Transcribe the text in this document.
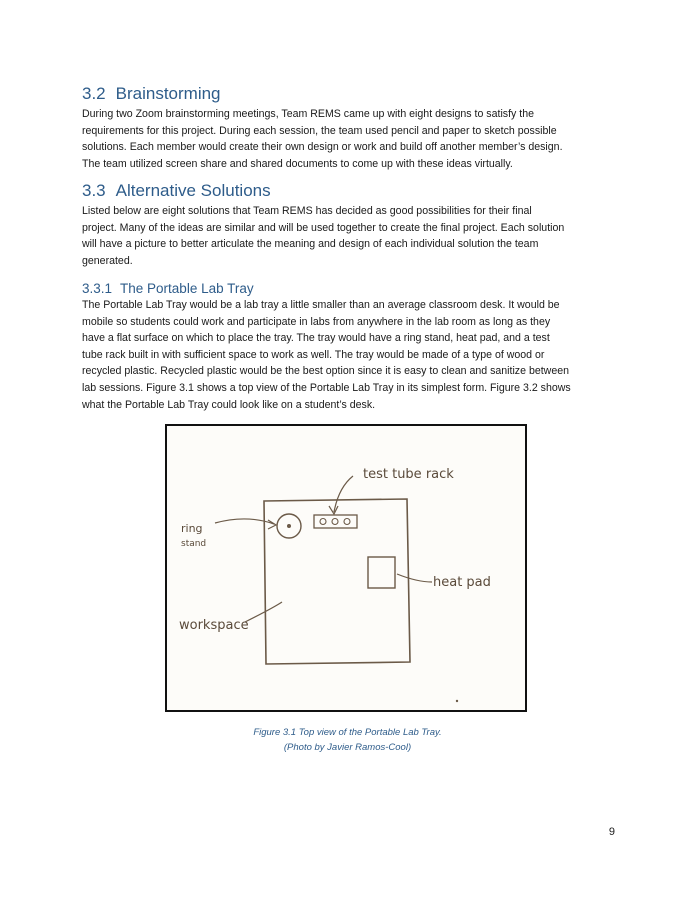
3.2 Brainstorming
During two Zoom brainstorming meetings, Team REMS came up with eight designs to satisfy the
requirements for this project. During each session, the team used pencil and paper to sketch possible
solutions. Each member would create their own design or work and build off another member’s design.
The team utilized screen share and shared documents to come up with these ideas virtually.
3.3 Alternative Solutions
Listed below are eight solutions that Team REMS has decided as good possibilities for their final
project. Many of the ideas are similar and will be used together to create the final project. Each solution
will have a picture to better articulate the meaning and design of each individual solution the team
generated.
3.3.1 The Portable Lab Tray
The Portable Lab Tray would be a lab tray a little smaller than an average classroom desk. It would be
mobile so students could work and participate in labs from anywhere in the lab room as long as they
have a flat surface on which to place the tray. The tray would have a ring stand, heat pad, and a test
tube rack built in with sufficient space to work as well. The tray would be made of a type of wood or
recycled plastic. Recycled plastic would be the best option since it is easy to clean and sanitize between
lab sessions. Figure 3.1 shows a top view of the Portable Lab Tray in its simplest form. Figure 3.2 shows
what the Portable Lab Tray could look like on a student’s desk.
test tube rack
ring
stand
heat pad
workspace
Figure 3.1 Top view of the Portable Lab Tray.
(Photo by Javier Ramos-Cool)
9
